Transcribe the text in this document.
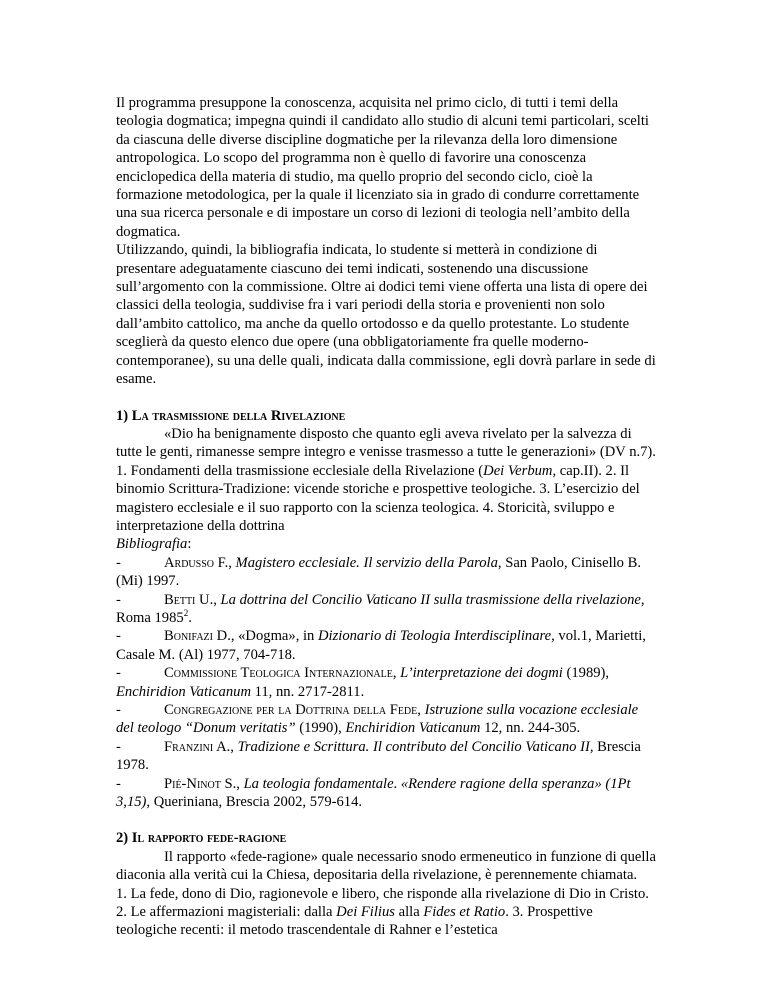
Il programma presuppone la conoscenza, acquisita nel primo ciclo, di tutti i temi della teologia dogmatica; impegna quindi il candidato allo studio di alcuni temi particolari, scelti da ciascuna delle diverse discipline dogmatiche per la rilevanza della loro dimensione antropologica. Lo scopo del programma non è quello di favorire una conoscenza enciclopedica della materia di studio, ma quello proprio del secondo ciclo, cioè la formazione metodologica, per la quale il licenziato sia in grado di condurre correttamente una sua ricerca personale e di impostare un corso di lezioni di teologia nell’ambito della dogmatica.

Utilizzando, quindi, la bibliografia indicata, lo studente si metterà in condizione di presentare adeguatamente ciascuno dei temi indicati, sostenendo una discussione sull’argomento con la commissione. Oltre ai dodici temi viene offerta una lista di opere dei classici della teologia, suddivise fra i vari periodi della storia e provenienti non solo dall’ambito cattolico, ma anche da quello ortodosso e da quello protestante. Lo studente sceglierà da questo elenco due opere (una obbligatoriamente fra quelle moderno-contemporanee), su una delle quali, indicata dalla commissione, egli dovrà parlare in sede di esame.

1) La trasmissione della Rivelazione

«Dio ha benignamente disposto che quanto egli aveva rivelato per la salvezza di tutte le genti, rimanesse sempre integro e venisse trasmesso a tutte le generazioni» (DV n.7).

1. Fondamenti della trasmissione ecclesiale della Rivelazione (Dei Verbum, cap.II). 2. Il binomio Scrittura-Tradizione: vicende storiche e prospettive teologiche. 3. L’esercizio del magistero ecclesiale e il suo rapporto con la scienza teologica. 4. Storicità, sviluppo e interpretazione della dottrina

Bibliografia:

-	Ardusso F., Magistero ecclesiale. Il servizio della Parola, San Paolo, Cinisello B. (Mi) 1997.

-	Betti U., La dottrina del Concilio Vaticano II sulla trasmissione della rivelazione, Roma 1985$^2$.

-	Bonifazi D., «Dogma», in Dizionario di Teologia Interdisciplinare, vol.1, Marietti, Casale M. (Al) 1977, 704-718.

-	Commissione Teologica Internazionale, L’interpretazione dei dogmi (1989), Enchiridion Vaticanum 11, nn. 2717-2811.

-	Congregazione per la Dottrina della Fede, Istruzione sulla vocazione ecclesiale del teologo “Donum veritatis” (1990), Enchiridion Vaticanum 12, nn. 244-305.

-	Franzini A., Tradizione e Scrittura. Il contributo del Concilio Vaticano II, Brescia 1978.

-	Pié-Ninot S., La teologia fondamentale. «Rendere ragione della speranza» (1Pt 3,15), Queriniana, Brescia 2002, 579-614.

2) Il rapporto fede-ragione

Il rapporto «fede-ragione» quale necessario snodo ermeneutico in funzione di quella diaconia alla verità cui la Chiesa, depositaria della rivelazione, è perennemente chiamata.

1. La fede, dono di Dio, ragionevole e libero, che risponde alla rivelazione di Dio in Cristo. 2. Le affermazioni magisteriali: dalla Dei Filius alla Fides et Ratio. 3. Prospettive teologiche recenti: il metodo trascendentale di Rahner e l’estetica
